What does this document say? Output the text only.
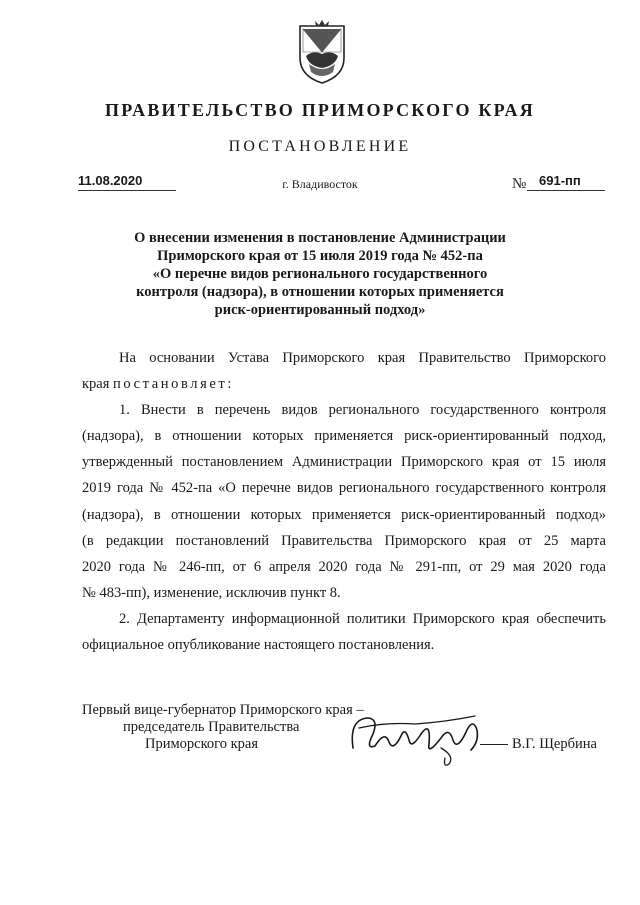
ПРАВИТЕЛЬСТВО ПРИМОРСКОГО КРАЯ
ПОСТАНОВЛЕНИЕ
11.08.2020	г. Владивосток	№ 691-пп
О внесении изменения в постановление Администрации
Приморского края от 15 июля 2019 года № 452-па
«О перечне видов регионального государственного
контроля (надзора), в отношении которых применяется
риск-ориентированный подход»
На основании Устава Приморского края Правительство Приморского
края постановляет:
1. Внести в перечень видов регионального государственного контроля
(надзора), в отношении которых применяется риск-ориентированный подход,
утвержденный постановлением Администрации Приморского края от 15 июля
2019 года № 452-па «О перечне видов регионального государственного контроля
(надзора), в отношении которых применяется риск-ориентированный подход»
(в редакции постановлений Правительства Приморского края от 25 марта
2020 года № 246-пп, от 6 апреля 2020 года № 291-пп, от 29 мая 2020 года
№ 483-пп), изменение, исключив пункт 8.
2. Департаменту информационной политики Приморского края обеспечить
официальное опубликование настоящего постановления.
Первый вице-губернатор Приморского края –
председатель Правительства
Приморского края	В.Г. Щербина
